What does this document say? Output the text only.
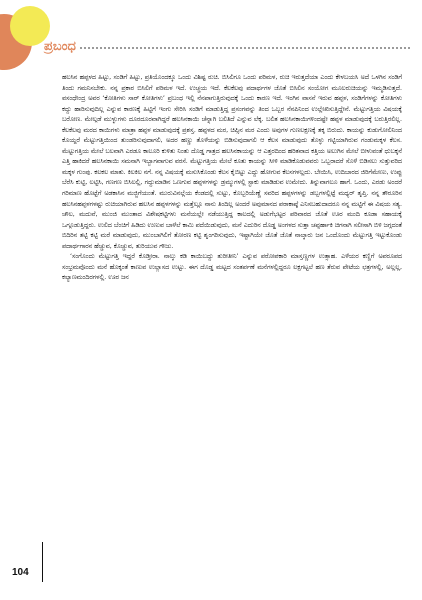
ಪ್ರಬಂಧ

ಹಲಸಿನ ಹಪ್ಪಳದ ಹಿಟ್ಟು, ಸಂಡಿಗೆ ಹಿಟ್ಟು, ಪ್ರತಿಯೊಂದಕ್ಕೂ ಒಂದು ವಿಶಿಷ್ಟ ರುಚಿ. ಬಿಸಿಲಿಗೂ ಒಂದು ಪರಿಮಳ, ರುಚಿ ಇರುತ್ತದೆಯಾ ಎಂದು ಕೇಳಬಯಸಿ ಅದೆ ಒಳಗಿನ ಸಂಡಿಗೆ ತಿಂದು ಗಮನಿಸಬೇಕು. ನನ್ನ ಪ್ರಕಾರ ಬಿಸಿಲಿಗೆ ಪರಿಮಳ ಇದೆ. ಉಚ್ಚಯ ಇದೆ. ಕೆಲಕೆಲವು ಪದಾರ್ಥಗಳ ಜೊತೆ ಬಿಸಿಲಿನ ಸಂಯೋಗ ಮೂಲರುಚಿಯನ್ನು ಇಮ್ಮಡಿಸುತ್ತದೆ. ವಸಂಧೇಂದ್ರ ಅವರ ‘ಕೋತಿಗಳು ಸಾರ್ ಕೋತಿಗಳು’ ಪ್ರಬಂಧ ಇಲ್ಲಿ ನೆನಪಾಗುತ್ತಿರುವುದಕ್ಕೆ ಒಂದು ಕಾರಣ ಇದೆ. ಇಂಗಿನ ವಾಸನೆ ಇರುವ ಹಪ್ಪಳ, ಸಂಡಿಗೆಗಳನ್ನು ಕೋತಿಗಳು ಕದ್ದು ಹಾರಿಸುವುದಿಲ್ಲ ಎನ್ನುವ ಕಾರಣಕ್ಕೆ ಹಿಟ್ಟಿಗೆ ಇಂಗು ಸೇರಿಸಿ ಸಂಡಿಗೆ ಮಾಡುತ್ತಿದ್ದ ಪ್ರಸಂಗವನ್ನು ತಿಂದ ಒಬ್ಬರ ನೆನಪಿನಿಂದ ಉಲ್ಲೇಖಿಸುತ್ತಿದ್ದೇನೆ. ಮೆಟ್ಟುಗತ್ತಿಯ ವಿಷಯಕ್ಕೆ ಬರೋಣ. ಮೇಲ್ಗಡೆ ಮುಳ್ಳುಗಳು ದೂರದೂರವಾಗಿದ್ದರೆ ಹಲಸಿನಕಾಯಿ ಚೆನ್ನಾಗಿ ಬಲಿತಿದೆ ಎನ್ನುವ ಲೆಕ್ಕ. ಬಲಿತ ಹಲಸಿನಕಾಯಿಗಳಿಂದಷ್ಟೇ ಹಪ್ಪಳ ಮಾಡುವುದಕ್ಕೆ ಬರುತ್ತಿರಲಿಲ್ಲ. ಕೆಲಕೆಲವು ಮರದ ಕಾಯಿಗಳು ಮಾತ್ರಾ ಹಪ್ಪಳ ಮಾಡುವುದಕ್ಕೆ ಪ್ರಶಸ್ತ. ಹಪ್ಪಳದ ಮರ, ಚಿಪ್ಸಿನ ಮರ ಎಂದು ಅವುಗಳ ಗುಣಲಕ್ಷಣಕ್ಕೆ ತಕ್ಕ ಬಿರುದು. ಕಾಯನ್ನು ಕುಡುಗೋಲಿನಿಂದ ಕೊಯ್ದರೆ ಮೆಟ್ಟುಗತ್ತಿಯಿಂದ ತುಂಡರಿಸುವುದಾಗಲಿ, ಅದರ ಹಣ್ಣು ತೊಳೆಯನ್ನು ಬಿಡಿಸುವುದಾಗಲಿ ಆ ಕೆಲಸ ಮಾಡುವುದು ತೊಳ್ಳು ಗಟ್ಟಿಯಾಗಿರುವ ಗಂಡುಮಕ್ಕಳ ಕೆಲಸ. ಮೆಟ್ಟುಗತ್ತಿಯ ಮೇಲೆ ಬಲವಾಗಿ ಎರಡೂ ಕಾಲೂರಿ ಕುಳಿತು ನಿಂತು ದೊಡ್ಡ ಗಾತ್ರದ ಹಲಸಿನಕಾಯನ್ನು ಆ ಎತ್ತರದಿಂದ ಹರಿತವಾದ ಕತ್ತಿಯ ಅಲುಗಿನ ಮೇಲೆ ಬೀಳುವಂತೆ ಧುಬಕ್ಕನೆ ಎತ್ತಿ ಹಾಕಿದರೆ ಹಲಸಿನಕಾಯಿ ಸಮನಾಗಿ ಇಬ್ಭಾಗವಾಗುವ ವರಸೆ. ಮೆಟ್ಟುಗತ್ತಿಯ ಮೇಲೆ ಕೂತು ಕಾಯನ್ನು ಸೀಳಿ ಮಾಡಿಕೊಡುವವರು ಒಬ್ಬರಾದರೆ ಸೊಳೆ ಬಿಡಿಸಲು ಸುತ್ತುವರಿದ ಮಕ್ಕಳ ಗುಂಪು. ಕಲಕಲ ಮಾತು. ಕಿಲಕಿಲ ನಗೆ. ನನ್ನ ವಿಷಯಕ್ಕೆ ಮಸುಸಿಕೊಂಡು ಕೆಲಸ ಕೈಬಿಟ್ಟು ಎದ್ದು ಹೋಗುವ ಕೆಲಸಗಳಲ್ಲದು. ಬೇಯಿಸಿ, ಉದಿಬಾರದ ಜಿರಿಗೆಮೇಣು, ಉಪ್ಪು ಬೆರೆಸಿ ಕುಟ್ಟಿ, ಲಟ್ಟಿಸಿ, ಗಣಗಣ ಬಿಸಿಲಲ್ಲಿ, ಗದ್ದುಮಾಡಿನ ಒಣಗುವ ಹಪ್ಪಳಗಳನ್ನು ಡ್ರಮ್ಮುಗಳಲ್ಲಿ ಸ್ಟಾಕು ಮಾಡಿಡುವ ಉಮೇದು. ತಿನ್ನುವಾಗಲೂ ಹಾಗೆ. ಒಂದು, ಎರಡು ಅಂದರೆ ಗರಿಮಾಣ ಹೊಟ್ಟೆಗೆ ಅಡಕಾಸಿನ ಮಜ್ಜಿಗೆಯಂತೆ. ಮುರುವಿನಲ್ಲೆಯ ಕೆಂಡದಲ್ಲಿ ಸುಟ್ಟು, ಕೊಬ್ಬರಿಯೆಣ್ಣೆ ಸವರಿದ ಹಪ್ಪಳಗಳನ್ನು ಡಬ್ಬಗಳಲ್ಲಿಟ್ಟೆ ಮಧ್ಯರ್ ತೃಪ್ತಿ. ನನ್ನ ತೌರೂರಿನ ಹಲಸಿನಹಪ್ಪಳಗಳಷ್ಟು ರುಚಿಯಾಗಿರುವ ಹಲಸಿನ ಹಪ್ಪಳಗಳನ್ನು ಮತ್ತೆಲ್ಲೂ ನಾನು ತಿಂದಿಲ್ಲ ಅಂದರೆ ಅವುಮಾನದ ಪರಾಕಾಷ್ಠೆ ಎನಿಸಬಹುದಾದರೂ ನನ್ನ ಮಟ್ಟಿಗೆ ಈ ವಿಷಯ ಸತ್ಯ. ಚೌಲ, ಮದುವೆ, ಮುಂಜಿ ಮುಂತಾದ ವಿಶೇಷಕಟ್ಟಿಗಳು ಮನೆಯಲ್ಲೇ ನಡೆಯುತ್ತಿದ್ದ ಕಾಲದಲ್ಲಿ ಅಡುಗೆಭಟ್ಟರ ಪರಿವಾರದ ಜೊತೆ ಊರ ಮಂದಿ ಕೂಡಾ ಸಹಾಯಕ್ಕೆ ಒಗ್ಗೂಡುತ್ತಿದ್ದರು. ಉಲಿದ ಬೆಂಚಿಗೆ ಹಿಡಿದು ಉಣುವ ಬಾಳೆಲೆ ಕಾಮಿ ಪದೆಯಿಡುವುದು, ಮನೆ ಎದುರಿನ ದೊಡ್ಡ ಅಂಗಳದ ಸುತ್ತಾ ಚಪ್ಪರ್ಹಾಕಿ ಚಿಗನಾಗಿ ಸಲೀಸಾಗಿ ಬಿಳಿ ಜಗ್ಗದಂತೆ ಬಿದಿರಿನ ತಟ್ಟಿ ಕಟ್ಟಿ ಮರೆ ಮಾಡುವುದು, ಮುಂಬಾಗಿಲಿಗೆ ತೋರಣ ಕಟ್ಟಿ ಶೃಂಗರಿಸುವುದು, ಇಷ್ಟಾಗಿಯೇ ಜೊತೆ ಜೊತೆ ನಾಲ್ಕಾರು ಜನ ಒಂದೊಂದು ಮೆಟ್ಟುಗತ್ತಿ ಇಟ್ಟುಕೊಂಡು ಪದಾರ್ಥಗಾರನ ಹೆಚ್ಚುವ, ಕೊಚ್ಚುವ, ತುರಿಯುವ ಗೌಜು.

‘ಸಂಗೊಂದು ಮೆಟ್ಟುಗತ್ತಿ ಇದ್ದರೆ ಕೊಡ್ತೀರಾ. ನಾಲ್ಕು ಕಡಿ ಕಾಯಿಬದ್ದು ತುರೀತೀನಿ’ ಎನ್ನುವ ಪರೋಪಕಾರಿ ಮಾಸ್ತಣ್ಣಗಳ ಉತ್ಸಾಹ. ಎಳೆಯರ ಕಣ್ಣಿಗೆ ಅಪರೂಪದ ಸಂಭ್ರಮವೊಂದು ಮನೆ ಹೊಕ್ಕಂತೆ ಕಾಣುವ ಉಲ್ಲಾಸದ ಉಟ್ಟು. ಈಗ ದೊಡ್ಡ ಮಟ್ಟದ ಸಂತರ್ಪಣೆ ಮನೆಗಳಲ್ಲಿದ್ದರೂ ಲಕ್ಷಗಟ್ಟಲೆ ಹಣ ತೆರುವ ಪೇಟೆಯ ಛತ್ರಗಳಲ್ಲಿ, ಅಲ್ಲಲ್ಲ, ಕಲ್ಯಾಣಮಂದಿರಗಳಲ್ಲಿ. ಊರ ಜನ

104
